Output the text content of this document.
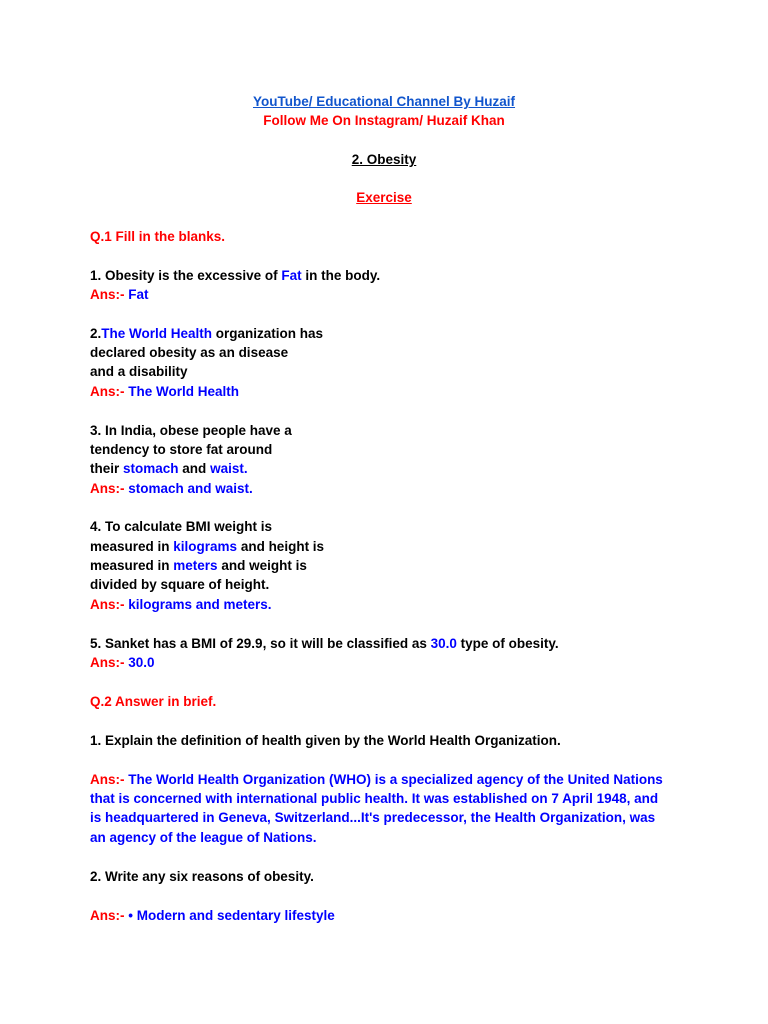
YouTube/ Educational Channel By Huzaif
Follow Me On Instagram/ Huzaif Khan
2. Obesity
Exercise
Q.1 Fill in the blanks.
1. Obesity is the excessive of Fat in the body.
Ans:- Fat
2.The World Health organization has
declared obesity as an disease
and a disability
Ans:- The World Health
3. In India, obese people have a
tendency to store fat around
their stomach and waist.
Ans:- stomach and waist.
4. To calculate BMI weight is
measured in kilograms and height is
measured in meters and weight is
divided by square of height.
Ans:- kilograms and meters.
5. Sanket has a BMI of 29.9, so it will be classified as 30.0 type of obesity.
Ans:- 30.0
Q.2 Answer in brief.
1. Explain the definition of health given by the World Health Organization.
Ans:- The World Health Organization (WHO) is a specialized agency of the United Nations
that is concerned with international public health. It was established on 7 April 1948, and
is headquartered in Geneva, Switzerland...It's predecessor, the Health Organization, was
an agency of the league of Nations.
2. Write any six reasons of obesity.
Ans:- • Modern and sedentary lifestyle
